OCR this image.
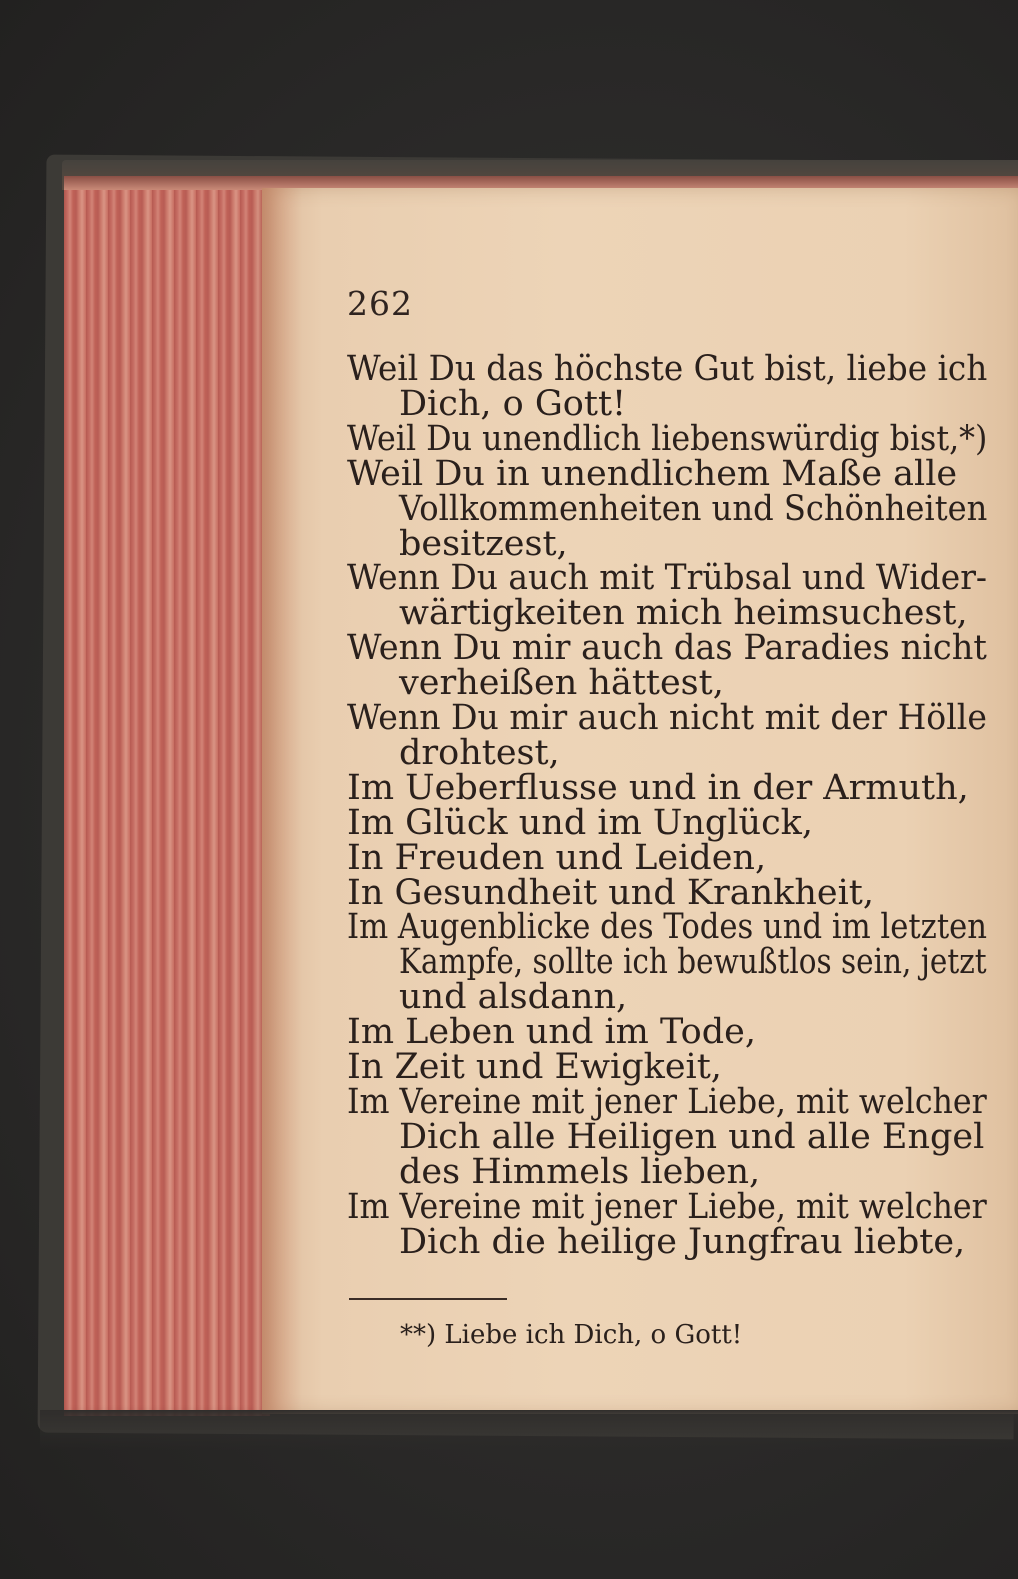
262
Weil Du das höchste Gut bist, liebe ich
Dich, o Gott!
Weil Du unendlich liebenswürdig bist,*)
Weil Du in unendlichem Maße alle
Vollkommenheiten und Schönheiten
besitzest,
Wenn Du auch mit Trübsal und Wider-
wärtigkeiten mich heimsuchest,
Wenn Du mir auch das Paradies nicht
verheißen hättest,
Wenn Du mir auch nicht mit der Hölle
drohtest,
Im Ueberflusse und in der Armuth,
Im Glück und im Unglück,
In Freuden und Leiden,
In Gesundheit und Krankheit,
Im Augenblicke des Todes und im letzten
Kampfe, sollte ich bewußtlos sein, jetzt
und alsdann,
Im Leben und im Tode,
In Zeit und Ewigkeit,
Im Vereine mit jener Liebe, mit welcher
Dich alle Heiligen und alle Engel
des Himmels lieben,
Im Vereine mit jener Liebe, mit welcher
Dich die heilige Jungfrau liebte,
**) Liebe ich Dich, o Gott!
